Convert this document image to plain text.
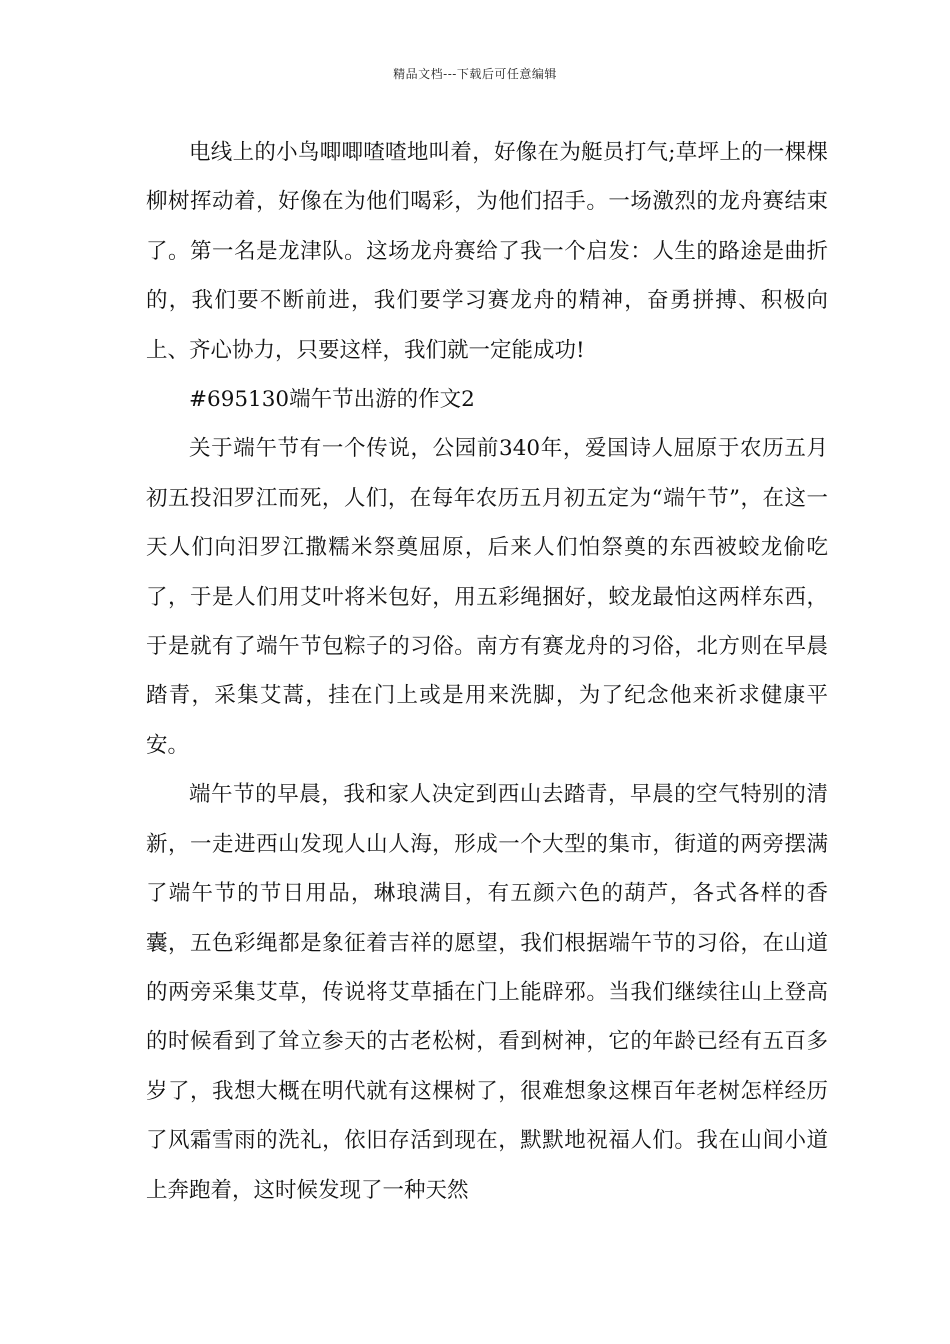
精品文档---下载后可任意编辑

电线上的小鸟唧唧喳喳地叫着，好像在为艇员打气;草坪上的一棵棵柳树挥动着，好像在为他们喝彩，为他们招手。一场激烈的龙舟赛结束了。第一名是龙津队。这场龙舟赛给了我一个启发：人生的路途是曲折的，我们要不断前进，我们要学习赛龙舟的精神，奋勇拼搏、积极向上、齐心协力，只要这样，我们就一定能成功!

#695130端午节出游的作文2

关于端午节有一个传说，公园前340年，爱国诗人屈原于农历五月初五投汨罗江而死，人们，在每年农历五月初五定为“端午节”，在这一天人们向汨罗江撒糯米祭奠屈原，后来人们怕祭奠的东西被蛟龙偷吃了，于是人们用艾叶将米包好，用五彩绳捆好，蛟龙最怕这两样东西，于是就有了端午节包粽子的习俗。南方有赛龙舟的习俗，北方则在早晨踏青，采集艾蒿，挂在门上或是用来洗脚，为了纪念他来祈求健康平安。

端午节的早晨，我和家人决定到西山去踏青，早晨的空气特别的清新，一走进西山发现人山人海，形成一个大型的集市，街道的两旁摆满了端午节的节日用品，琳琅满目，有五颜六色的葫芦，各式各样的香囊，五色彩绳都是象征着吉祥的愿望，我们根据端午节的习俗，在山道的两旁采集艾草，传说将艾草插在门上能辟邪。当我们继续往山上登高的时候看到了耸立参天的古老松树，看到树神，它的年龄已经有五百多岁了，我想大概在明代就有这棵树了，很难想象这棵百年老树怎样经历了风霜雪雨的洗礼，依旧存活到现在，默默地祝福人们。我在山间小道上奔跑着，这时候发现了一种天然
